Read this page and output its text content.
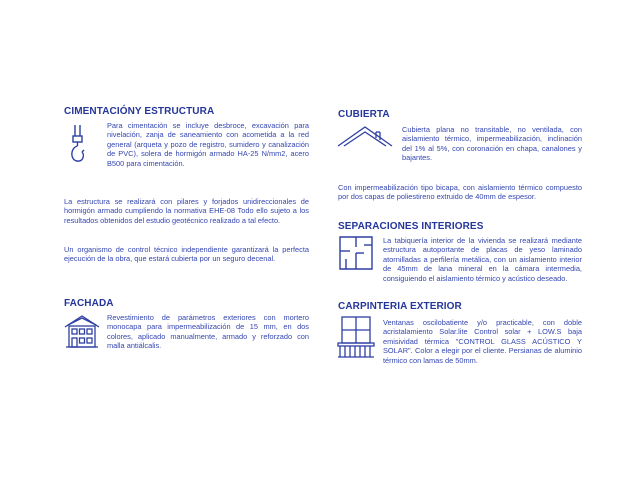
CIMENTACIÓNY ESTRUCTURA
Para cimentación se incluye desbroce, excavación para nivelación, zanja de saneamiento con acometida a la red general (arqueta y pozo de registro, sumidero y canalización de PVC), solera de hormigón armado HA-25 N/mm2, acero B500 para cimentación.
La estructura se realizará con pilares y forjados unidireccionales de hormigón armado cumpliendo la normativa EHE-08 Todo ello sujeto a los resultados obtenidos del estudio geotécnico realizado a tal efecto.
Un organismo de control técnico independiente garantizará la perfecta ejecución de la obra, que estará cubierta por un seguro decenal.
FACHADA
Revestimiento de parámetros exteriores con mortero monocapa para impermeabilización de 15 mm, en dos colores, aplicado manualmente, armado y reforzado con malla antiálcalis.
CUBIERTA
Cubierta plana no transitable, no ventilada, con aislamiento térmico, impermeabilización, inclinación del 1% al 5%, con coronación en chapa, canalones y bajantes.
Con impermeabilización tipo bicapa, con aislamiento térmico compuesto por dos capas de poliestireno extruido de 40mm de espesor.
SEPARACIONES INTERIORES
La tabiquería interior de la vivienda se realizará mediante estructura autoportante de placas de yeso laminado atornilladas a perfilería metálica, con un aislamiento interior de 45mm de lana mineral en la cámara intermedia, consiguiendo el aislamiento térmico y acústico deseado.
CARPINTERIA EXTERIOR
Ventanas oscilobatiente y/o practicable, con doble acristalamiento Solar.lite Control solar + LOW.S baja emisividad térmica "CONTROL GLASS ACÚSTICO Y SOLAR". Color a elegir por el cliente. Persianas de aluminio térmico con lamas de 50mm.
